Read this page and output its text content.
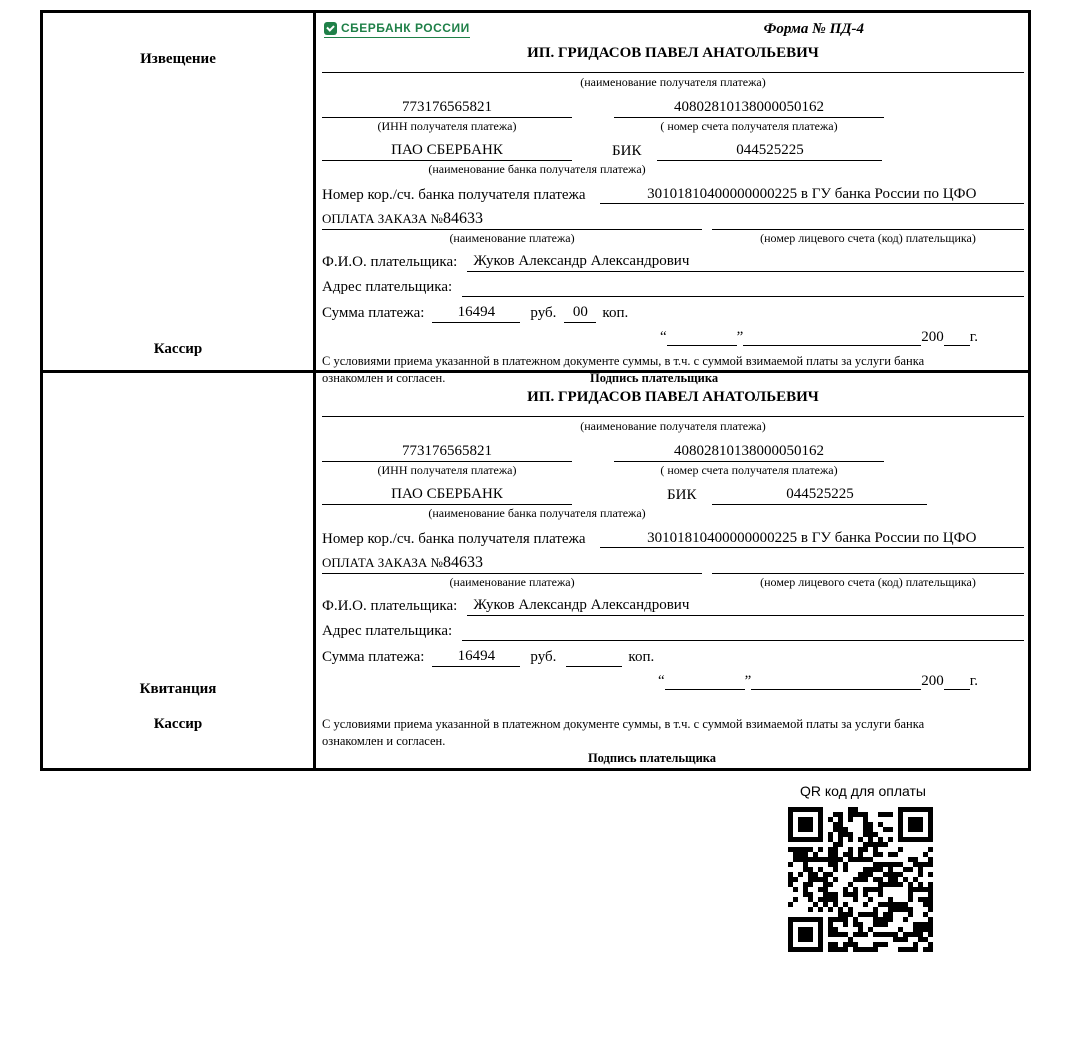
Извещение
Кассир
СБЕРБАНК РОССИИ	Форма № ПД-4
ИП. ГРИДАСОВ ПАВЕЛ АНАТОЛЬЕВИЧ
(наименование получателя платежа)
773176565821	40802810138000050162
(ИНН получателя платежа)	( номер счета получателя платежа)
ПАО СБЕРБАНК	БИК	044525225
(наименование банка получателя платежа)
Номер кор./сч. банка получателя платежа	30101810400000000225 в ГУ банка России по ЦФО
ОПЛАТА ЗАКАЗА №84633
(наименование платежа)	(номер лицевого счета (код) плательщика)
Ф.И.О. плательщика:	Жуков Александр Александрович
Адрес плательщика:
Сумма платежа:	16494	руб.	00 коп.
“	”	200 г.
С условиями приема указанной в платежном документе суммы, в т.ч. с суммой взимаемой платы за услуги банка ознакомлен и согласен.	Подпись плательщика
Квитанция
Кассир
ИП. ГРИДАСОВ ПАВЕЛ АНАТОЛЬЕВИЧ
(наименование получателя платежа)
773176565821	40802810138000050162
(ИНН получателя платежа)	( номер счета получателя платежа)
ПАО СБЕРБАНК	БИК	044525225
(наименование банка получателя платежа)
Номер кор./сч. банка получателя платежа	30101810400000000225 в ГУ банка России по ЦФО
ОПЛАТА ЗАКАЗА №84633
(наименование платежа)	(номер лицевого счета (код) плательщика)
Ф.И.О. плательщика:	Жуков Александр Александрович
Адрес плательщика:
Сумма платежа:	16494	руб.	коп.
“	”	200 г.
С условиями приема указанной в платежном документе суммы, в т.ч. с суммой взимаемой платы за услуги банка ознакомлен и согласен.
Подпись плательщика
QR код для оплаты
